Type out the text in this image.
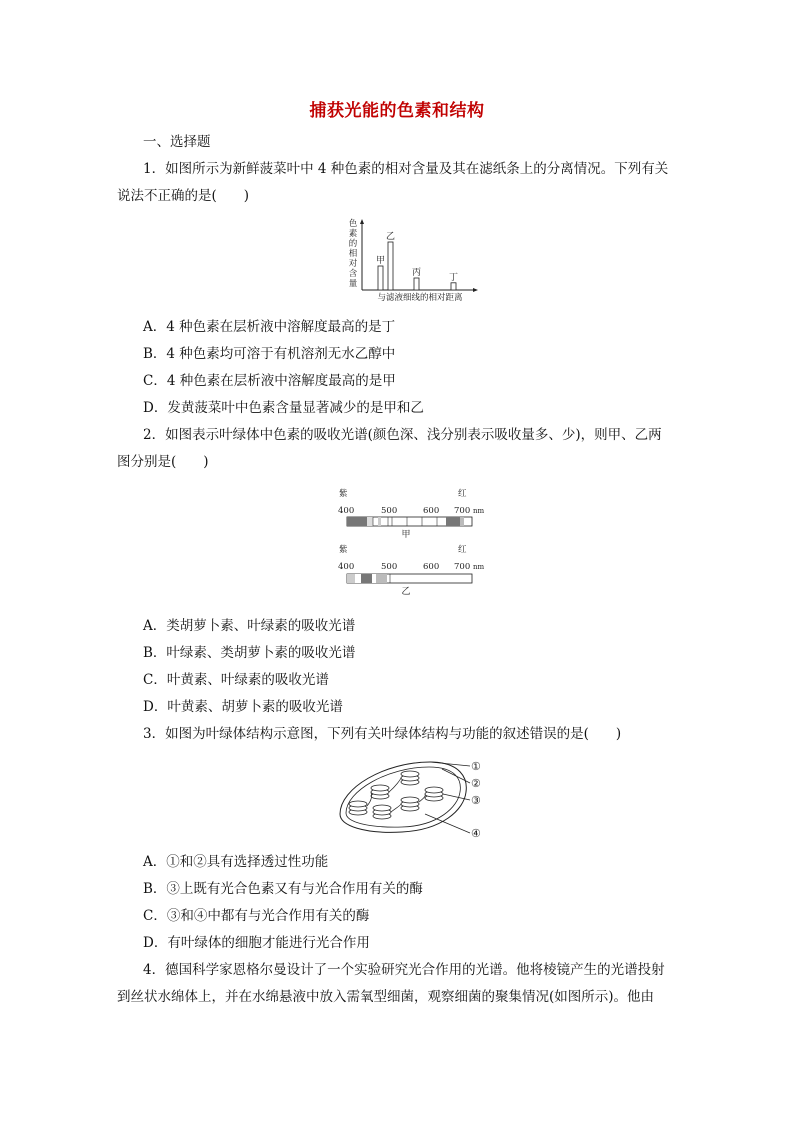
捕获光能的色素和结构
一、选择题
1．如图所示为新鲜菠菜叶中 4 种色素的相对含量及其在滤纸条上的分离情况。下列有关
说法不正确的是(　　)
色
素
的
相
对
含
量
甲
乙
丙	丁
与滤液细线的相对距离
A．4 种色素在层析液中溶解度最高的是丁
B．4 种色素均可溶于有机溶剂无水乙醇中
C．4 种色素在层析液中溶解度最高的是甲
D．发黄菠菜叶中色素含量显著减少的是甲和乙
2．如图表示叶绿体中色素的吸收光谱(颜色深、浅分别表示吸收量多、少)，则甲、乙两
图分别是(　　)
紫	红
400	500	600 700 nm
甲
紫	红
400	500	600 700 nm
乙
A．类胡萝卜素、叶绿素的吸收光谱
B．叶绿素、类胡萝卜素的吸收光谱
C．叶黄素、叶绿素的吸收光谱
D．叶黄素、胡萝卜素的吸收光谱
3．如图为叶绿体结构示意图，下列有关叶绿体结构与功能的叙述错误的是(　　)
①
②
③
④
A．①和②具有选择透过性功能
B．③上既有光合色素又有与光合作用有关的酶
C．③和④中都有与光合作用有关的酶
D．有叶绿体的细胞才能进行光合作用
4．德国科学家恩格尔曼设计了一个实验研究光合作用的光谱。他将棱镜产生的光谱投射
到丝状水绵体上，并在水绵悬液中放入需氧型细菌，观察细菌的聚集情况(如图所示)。他由
